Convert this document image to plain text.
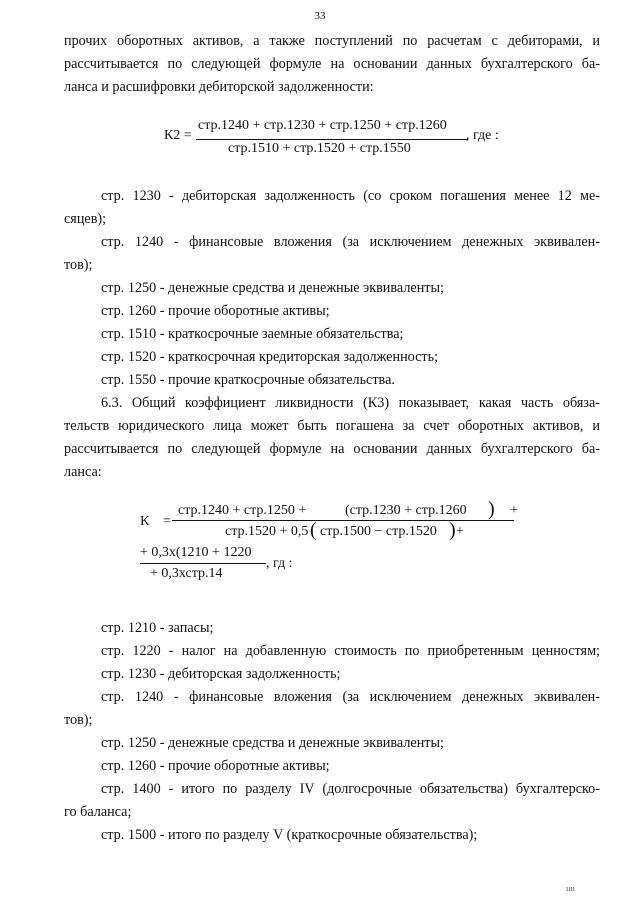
33
прочих оборотных активов, а также поступлений по расчетам с дебиторами, и
рассчитывается по следующей формуле на основании данных бухгалтерского ба-
ланса и расшифровки дебиторской задолженности:
К2 =
стр.1240 + стр.1230 + стр.1250 + стр.1260
стр.1510 + стр.1520 + стр.1550
, где :
стр. 1230 - дебиторская задолженность (со сроком погашения менее 12 ме-
сяцев);
стр. 1240 - финансовые вложения (за исключением денежных эквивален-
тов);
стр. 1250 - денежные средства и денежные эквиваленты;
стр. 1260 - прочие оборотные активы;
стр. 1510 - краткосрочные заемные обязательства;
стр. 1520 - краткосрочная кредиторская задолженность;
стр. 1550 - прочие краткосрочные обязательства.
6.3. Общий коэффициент ликвидности (К3) показывает, какая часть обяза-
тельств юридического лица может быть погашена за счет оборотных активов, и
рассчитывается по следующей формуле на основании данных бухгалтерского ба-
ланса:
К =
стр.1240 + стр.1250 +	(стр.1230 + стр.1260 ) +
стр.1520 + 0,5 ( стр.1500 − стр.1520 ) +
+ 0,3х(1210 + 1220
+ 0,3хстр.14
, гд :
стр. 1210 - запасы;
стр. 1220 - налог на добавленную стоимость по приобретенным ценностям;
стр. 1230 - дебиторская задолженность;
стр. 1240 - финансовые вложения (за исключением денежных эквивален-
тов);
стр. 1250 - денежные средства и денежные эквиваленты;
стр. 1260 - прочие оборотные активы;
стр. 1400 - итого по разделу IV (долгосрочные обязательства) бухгалтерско-
го баланса;
стр. 1500 - итого по разделу V (краткосрочные обязательства);
ıııı
